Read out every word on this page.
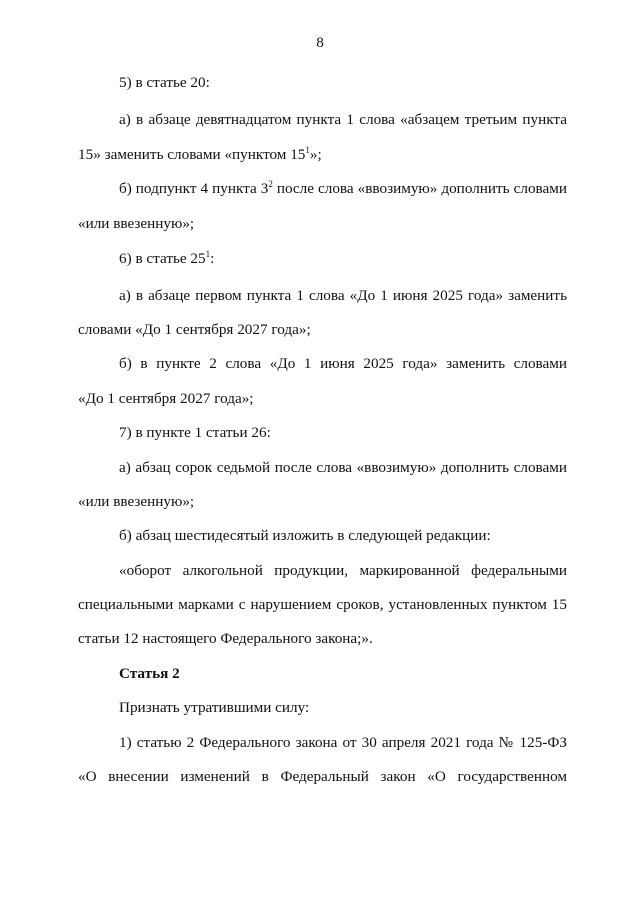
8
5) в статье 20:
а) в абзаце девятнадцатом пункта 1 слова «абзацем третьим пункта
15» заменить словами «пунктом $15^1$»;
б) подпункт 4 пункта $3^2$ после слова «ввозимую» дополнить словами
«или ввезенную»;
6) в статье $25^1$:
а) в абзаце первом пункта 1 слова «До 1 июня 2025 года» заменить
словами «До 1 сентября 2027 года»;
б) в пункте 2 слова «До 1 июня 2025 года» заменить словами
«До 1 сентября 2027 года»;
7) в пункте 1 статьи 26:
а) абзац сорок седьмой после слова «ввозимую» дополнить словами
«или ввезенную»;
б) абзац шестидесятый изложить в следующей редакции:
«оборот алкогольной продукции, маркированной федеральными
специальными марками с нарушением сроков, установленных пунктом 15
статьи 12 настоящего Федерального закона;».
Статья 2
Признать утратившими силу:
1) статью 2 Федерального закона от 30 апреля 2021 года № 125-ФЗ
«О внесении изменений в Федеральный закон «О государственном
